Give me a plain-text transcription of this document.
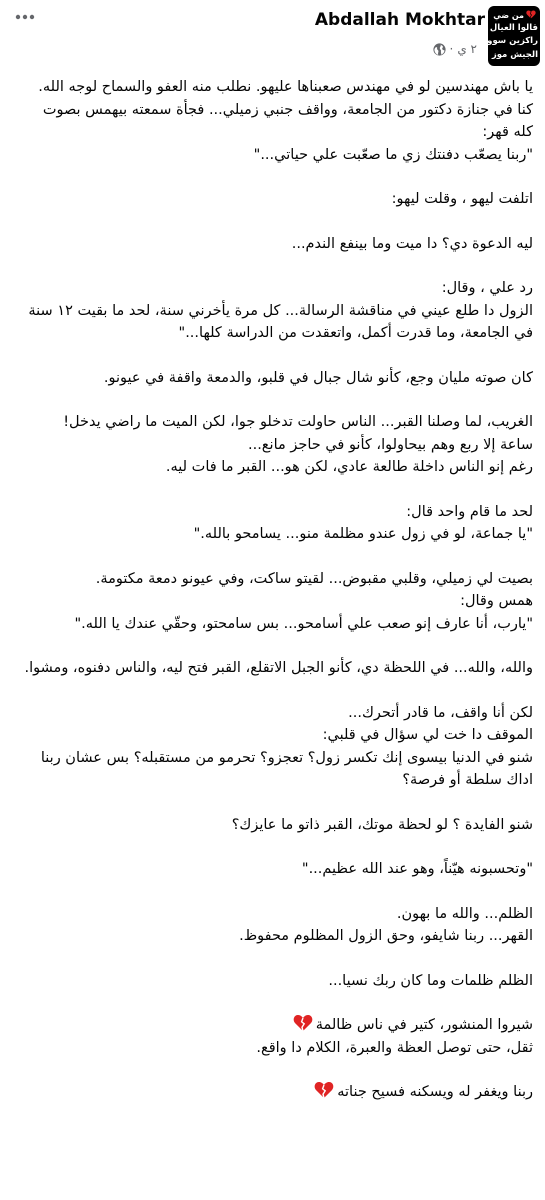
Abdallah Mokhtar
٢ ي
·
من ضي
قالوا العيال
راكزين سووا
الجيش موز

يا باش مهندسين لو في مهندس صعبناها عليهو. نطلب منه العفو والسماح لوجه الله.
كنا في جنازة دكتور من الجامعة، وواقف جنبي زميلي... فجأة سمعته بيهمس بصوت
كله قهر:
"ربنا يصعّب دفنتك زي ما صعّبت علي حياتي..."

اتلفت ليهو ، وقلت ليهو:

ليه الدعوة دي؟ دا ميت وما بينفع الندم...

رد علي ، وقال:
الزول دا طلع عيني في مناقشة الرسالة... كل مرة يأخرني سنة، لحد ما بقيت ١٢ سنة
في الجامعة، وما قدرت أكمل، واتعقدت من الدراسة كلها..."

كان صوته مليان وجع، كأنو شال جبال في قلبو، والدمعة واقفة في عيونو.

الغريب، لما وصلنا القبر... الناس حاولت تدخلو جوا، لكن الميت ما راضي يدخل!
ساعة إلا ربع وهم بيحاولوا، كأنو في حاجز مانع...
رغم إنو الناس داخلة طالعة عادي، لكن هو... القبر ما فات ليه.

لحد ما قام واحد قال:
"يا جماعة، لو في زول عندو مظلمة منو... يسامحو بالله."

بصيت لي زميلي، وقلبي مقبوض... لقيتو ساكت، وفي عيونو دمعة مكتومة.
همس وقال:
"يارب، أنا عارف إنو صعب علي أسامحو... بس سامحتو، وحقّي عندك يا الله."

والله، والله... في اللحظة دي، كأنو الجبل الاتقلع، القبر فتح ليه، والناس دفنوه، ومشوا.

لكن أنا واقف، ما قادر أتحرك...
الموقف دا خت لي سؤال في قلبي:
شنو في الدنيا بيسوى إنك تكسر زول؟ تعجزو؟ تحرمو من مستقبله؟ بس عشان ربنا
اداك سلطة أو فرصة؟

شنو الفايدة ؟ لو لحظة موتك، القبر ذاتو ما عايزك؟

"وتحسبونه هيّناً، وهو عند الله عظيم..."

الظلم... والله ما بهون.
القهر... ربنا شايفو، وحق الزول المظلوم محفوظ.

الظلم ظلمات وما كان ربك نسيا...

شيروا المنشور، كتير في ناس ظالمة
ثقل، حتى توصل العظة والعبرة، الكلام دا واقع.

ربنا ويغفر له ويسكنه فسيح جناته
